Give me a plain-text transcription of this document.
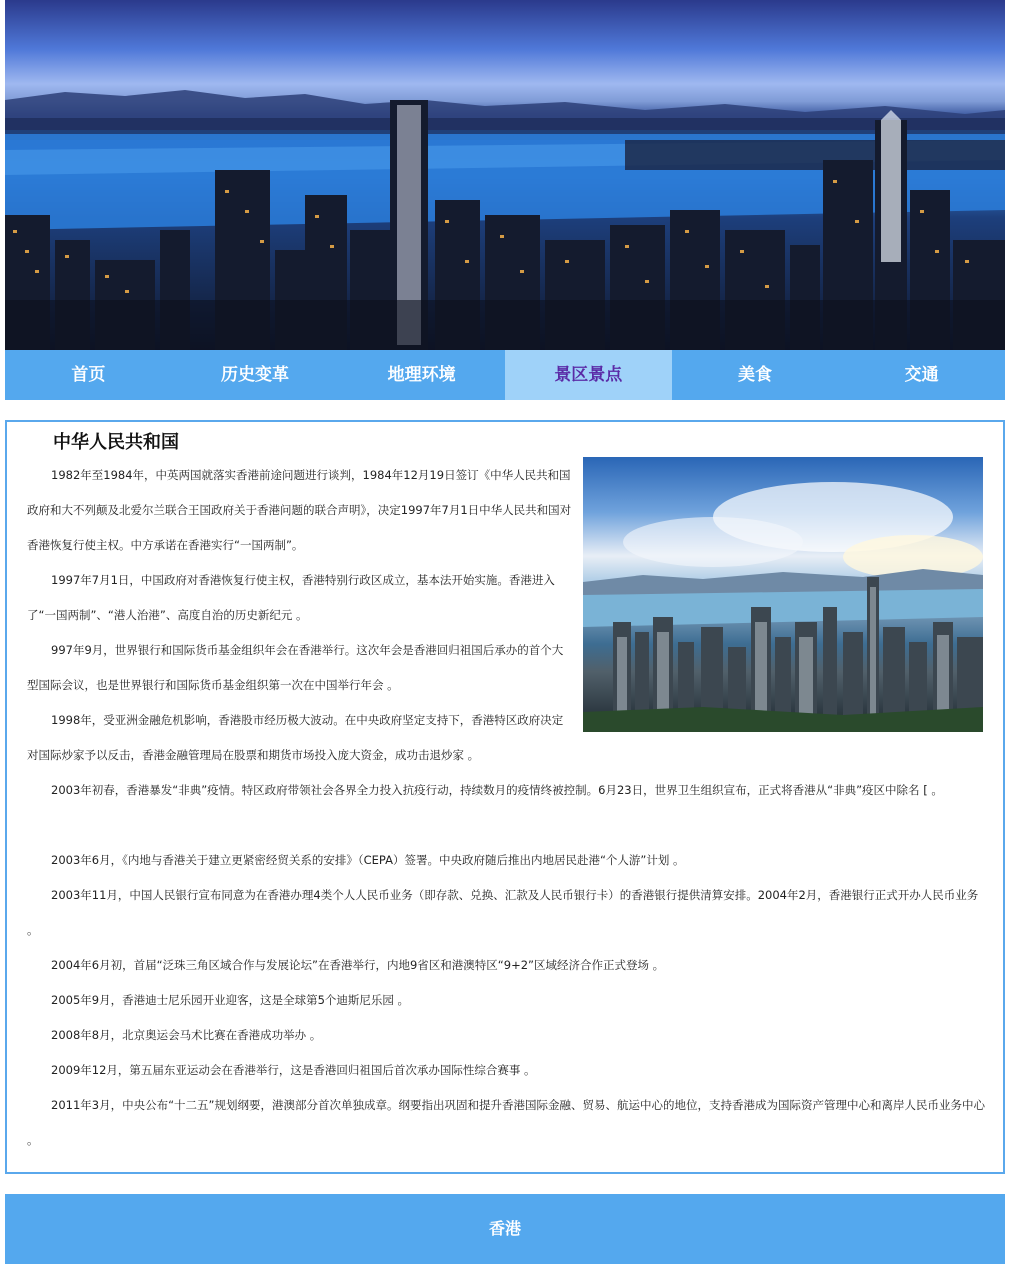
首页	历史变革	地理环境	景区景点	美食	交通
中华人民共和国

1982年至1984年，中英两国就落实香港前途问题进行谈判，1984年12月19日签订《中华人民共和国政府和大不列颠及北爱尔兰联合王国政府关于香港问题的联合声明》，决定1997年7月1日中华人民共和国对香港恢复行使主权。中方承诺在香港实行“一国两制”。

1997年7月1日，中国政府对香港恢复行使主权，香港特别行政区成立，基本法开始实施。香港进入了“一国两制”、“港人治港”、高度自治的历史新纪元 。

997年9月，世界银行和国际货币基金组织年会在香港举行。这次年会是香港回归祖国后承办的首个大型国际会议，也是世界银行和国际货币基金组织第一次在中国举行年会 。

1998年，受亚洲金融危机影响，香港股市经历极大波动。在中央政府坚定支持下，香港特区政府决定对国际炒家予以反击，香港金融管理局在股票和期货市场投入庞大资金，成功击退炒家 。

2003年初春，香港暴发“非典”疫情。特区政府带领社会各界全力投入抗疫行动，持续数月的疫情终被控制。6月23日，世界卫生组织宣布，正式将香港从“非典”疫区中除名 [ 。

2003年6月，《内地与香港关于建立更紧密经贸关系的安排》（CEPA）签署。中央政府随后推出内地居民赴港“个人游”计划 。

2003年11月，中国人民银行宣布同意为在香港办理4类个人人民币业务（即存款、兑换、汇款及人民币银行卡）的香港银行提供清算安排。2004年2月，香港银行正式开办人民币业务 。

2004年6月初，首届“泛珠三角区域合作与发展论坛”在香港举行，内地9省区和港澳特区“9+2”区域经济合作正式登场 。

2005年9月，香港迪士尼乐园开业迎客，这是全球第5个迪斯尼乐园 。

2008年8月，北京奥运会马术比赛在香港成功举办 。

2009年12月，第五届东亚运动会在香港举行，这是香港回归祖国后首次承办国际性综合赛事 。

2011年3月，中央公布“十二五”规划纲要，港澳部分首次单独成章。纲要指出巩固和提升香港国际金融、贸易、航运中心的地位，支持香港成为国际资产管理中心和离岸人民币业务中心 。

香港
